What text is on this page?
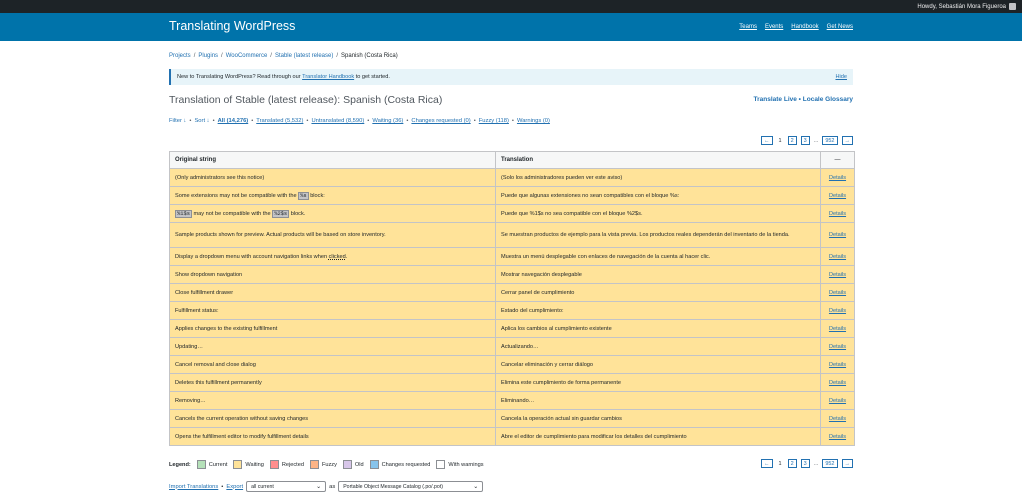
Howdy, Sebastián Mora Figueroa
Translating WordPress	Teams Events Handbook Get News
Projects / Plugins / WooCommerce / Stable (latest release) / Spanish (Costa Rica)
New to Translating WordPress? Read through our Translator Handbook to get started.	Hide
Translation of Stable (latest release): Spanish (Costa Rica)	Translate Live • Locale Glossary
Filter ↓ • Sort ↓ • All (14,276) • Translated (5,532) • Untranslated (8,590) • Waiting (36) • Changes requested (0) • Fuzzy (118) • Warnings (0)
←	1	2	3	...	952	→
Original string	Translation	—
(Only administrators see this notice)	(Solo los administradores pueden ver este aviso)	Details
Some extensions may not be compatible with the %s block:	Puede que algunas extensiones no sean compatibles con el bloque %s:	Details
%1$s may not be compatible with the %2$s block.	Puede que %1$s no sea compatible con el bloque %2$s.	Details
Sample products shown for preview. Actual products will be based on store inventory.	Se muestran productos de ejemplo para la vista previa. Los productos reales dependerán del inventario de la tienda.	Details
Display a dropdown menu with account navigation links when clicked.	Muestra un menú desplegable con enlaces de navegación de la cuenta al hacer clic.	Details
Show dropdown navigation	Mostrar navegación desplegable	Details
Close fulfillment drawer	Cerrar panel de cumplimiento	Details
Fulfillment status:	Estado del cumplimiento:	Details
Applies changes to the existing fulfillment	Aplica los cambios al cumplimiento existente	Details
Updating…	Actualizando…	Details
Cancel removal and close dialog	Cancelar eliminación y cerrar diálogo	Details
Deletes this fulfillment permanently	Elimina este cumplimiento de forma permanente	Details
Removing…	Eliminando…	Details
Cancels the current operation without saving changes	Cancela la operación actual sin guardar cambios	Details
Opens the fulfillment editor to modify fulfillment details	Abre el editor de cumplimiento para modificar los detalles del cumplimiento	Details
Legend:	Current	Waiting	Rejected	Fuzzy	Old	Changes requested	With warnings	←	1	2	3	...	952	→
Import Translations • Export all current	⌄ as Portable Object Message Catalog (.po/.pot)	⌄
